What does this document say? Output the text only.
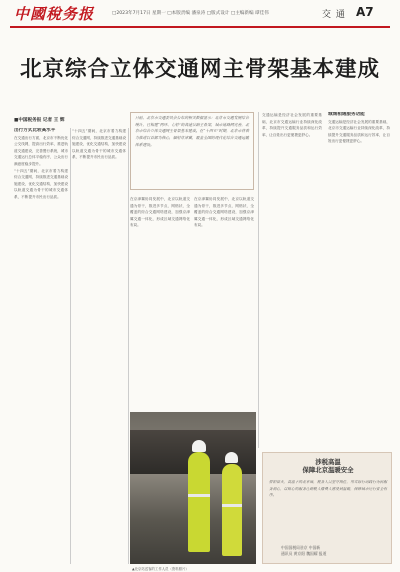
中國稅务报	□2023年7月17日 星期一 □本版责编 潘泉涛 □版式设计 □主编新编 谭佳伟	交 通 A7
北京综合立体交通网主骨架基本建成
■中国税务报 记者 王 辉
出行方式比较高水平
在交通出行方面，北京市不断优化公交线网，提高出行效率，推进轨道交通建设，完善慢行系统，城市交通运行总体平稳有序，公众出行满意度稳步提升。
“十四五”期间，北京市着力构建综合交通网，持续推进交通基础设施建设，优化交通结构，加快建设以轨道交通为骨干的城市交通体系，不断提升市民出行品质。
“十四五”期间，北京市着力构建综合交通网，持续推进交通基础设施建设，优化交通结构，加快建设以轨道交通为骨干的城市交通体系，不断提升市民出行品质。
日前，北京市交通委员会公布的相关数据显示：北京市交通发展综合统计，已构建“两环、七射”的高速公路主骨架，城市道路网完善，北京市综合立体交通网主骨架基本建成。在“十四五”时期，北京市将着力推进以首都为核心，辐射京津冀，覆盖全国的现代化综合交通运输体系建设。
在京津冀协同发展中，北京以轨道交通为骨干，推进多节点、网格状、全覆盖的综合交通网络建设，加强京津冀交通一体化，形成区域交通网络化布局。
在京津冀协同发展中，北京以轨道交通为骨干，推进多节点、网格状、全覆盖的综合交通网络建设，加强京津冀交通一体化，形成区域交通网络化布局。
交通运输是经济社会发展的重要基础，北京市交通运输行业持续深化改革，持续提升交通服务品质和运行效率，让百姓出行更便捷更舒心。
城城相通服务功能
交通运输是经济社会发展的重要基础，北京市交通运输行业持续深化改革，持续提升交通服务品质和运行效率，让百姓出行更便捷更舒心。
▲北京站送客的工作人员（资料照片）
涉税高温
保障北京温暖安全
骄阳似火，高温下的北京城，税务人员坚守岗位，用实际行动践行为民服务初心，以贴心的服务让纳税人缴费人感受到温暖，保障城市运行安全有序。
中国国税局驻京 中国新
通讯员 黄京阳 魏国耀 报道
